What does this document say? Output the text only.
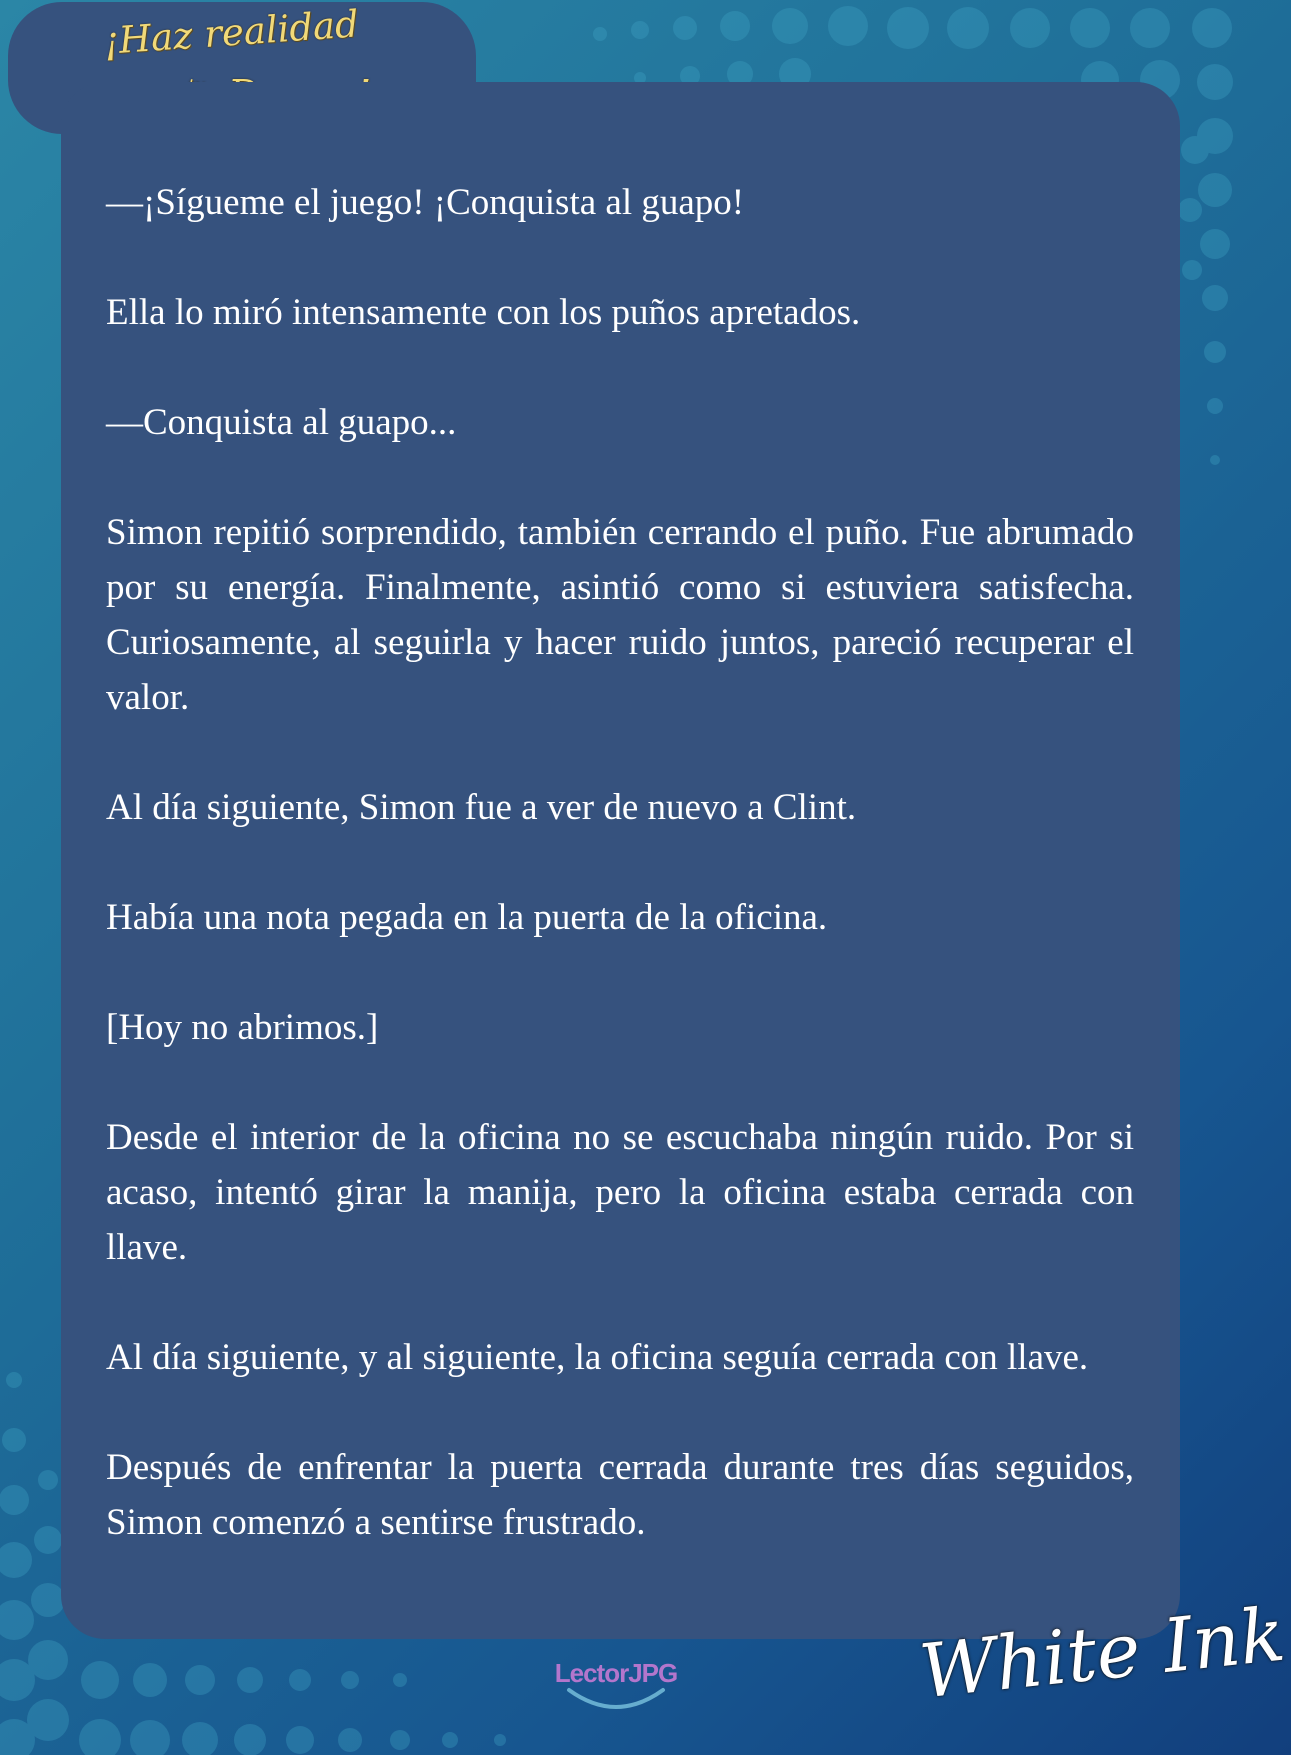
¡Haz realidad

—¡Sígueme el juego! ¡Conquista al guapo!

Ella lo miró intensamente con los puños apretados.

—Conquista al guapo...

Simon repitió sorprendido, también cerrando el puño. Fue abrumado por su energía. Finalmente, asintió como si estuviera satisfecha. Curiosamente, al seguirla y hacer ruido juntos, pareció recuperar el valor.

Al día siguiente, Simon fue a ver de nuevo a Clint.

Había una nota pegada en la puerta de la oficina.

[Hoy no abrimos.]

Desde el interior de la oficina no se escuchaba ningún ruido. Por si acaso, intentó girar la manija, pero la oficina estaba cerrada con llave.

Al día siguiente, y al siguiente, la oficina seguía cerrada con llave.

Después de enfrentar la puerta cerrada durante tres días seguidos, Simon comenzó a sentirse frustrado.

LectorJPG	White Ink
